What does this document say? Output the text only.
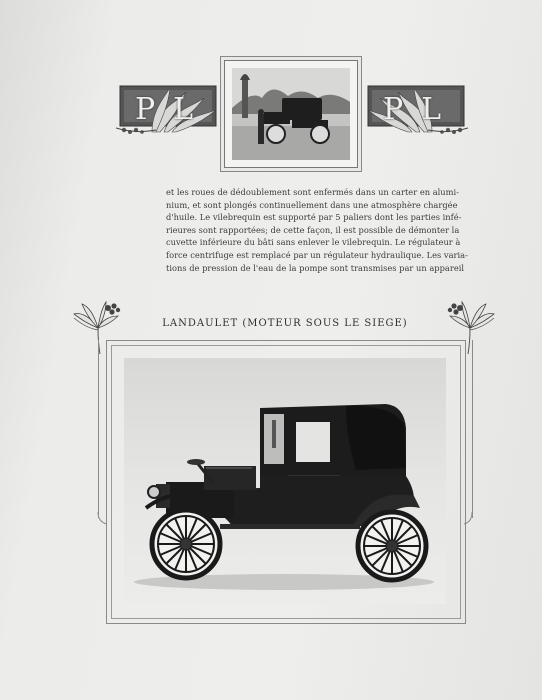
PL	PL
et les roues de dédoublement sont enfermés dans un carter en alumi-
nium, et sont plongés continuellement dans une atmosphère chargée
d'huile. Le vilebrequin est supporté par 5 paliers dont les parties infé-
rieures sont rapportées; de cette façon, il est possible de démonter la
cuvette inférieure du bâti sans enlever le vilebrequin. Le régulateur à
force centrifuge est remplacé par un régulateur hydraulique. Les varia-
tions de pression de l'eau de la pompe sont transmises par un appareil
LANDAULET (MOTEUR SOUS LE SIEGE)
